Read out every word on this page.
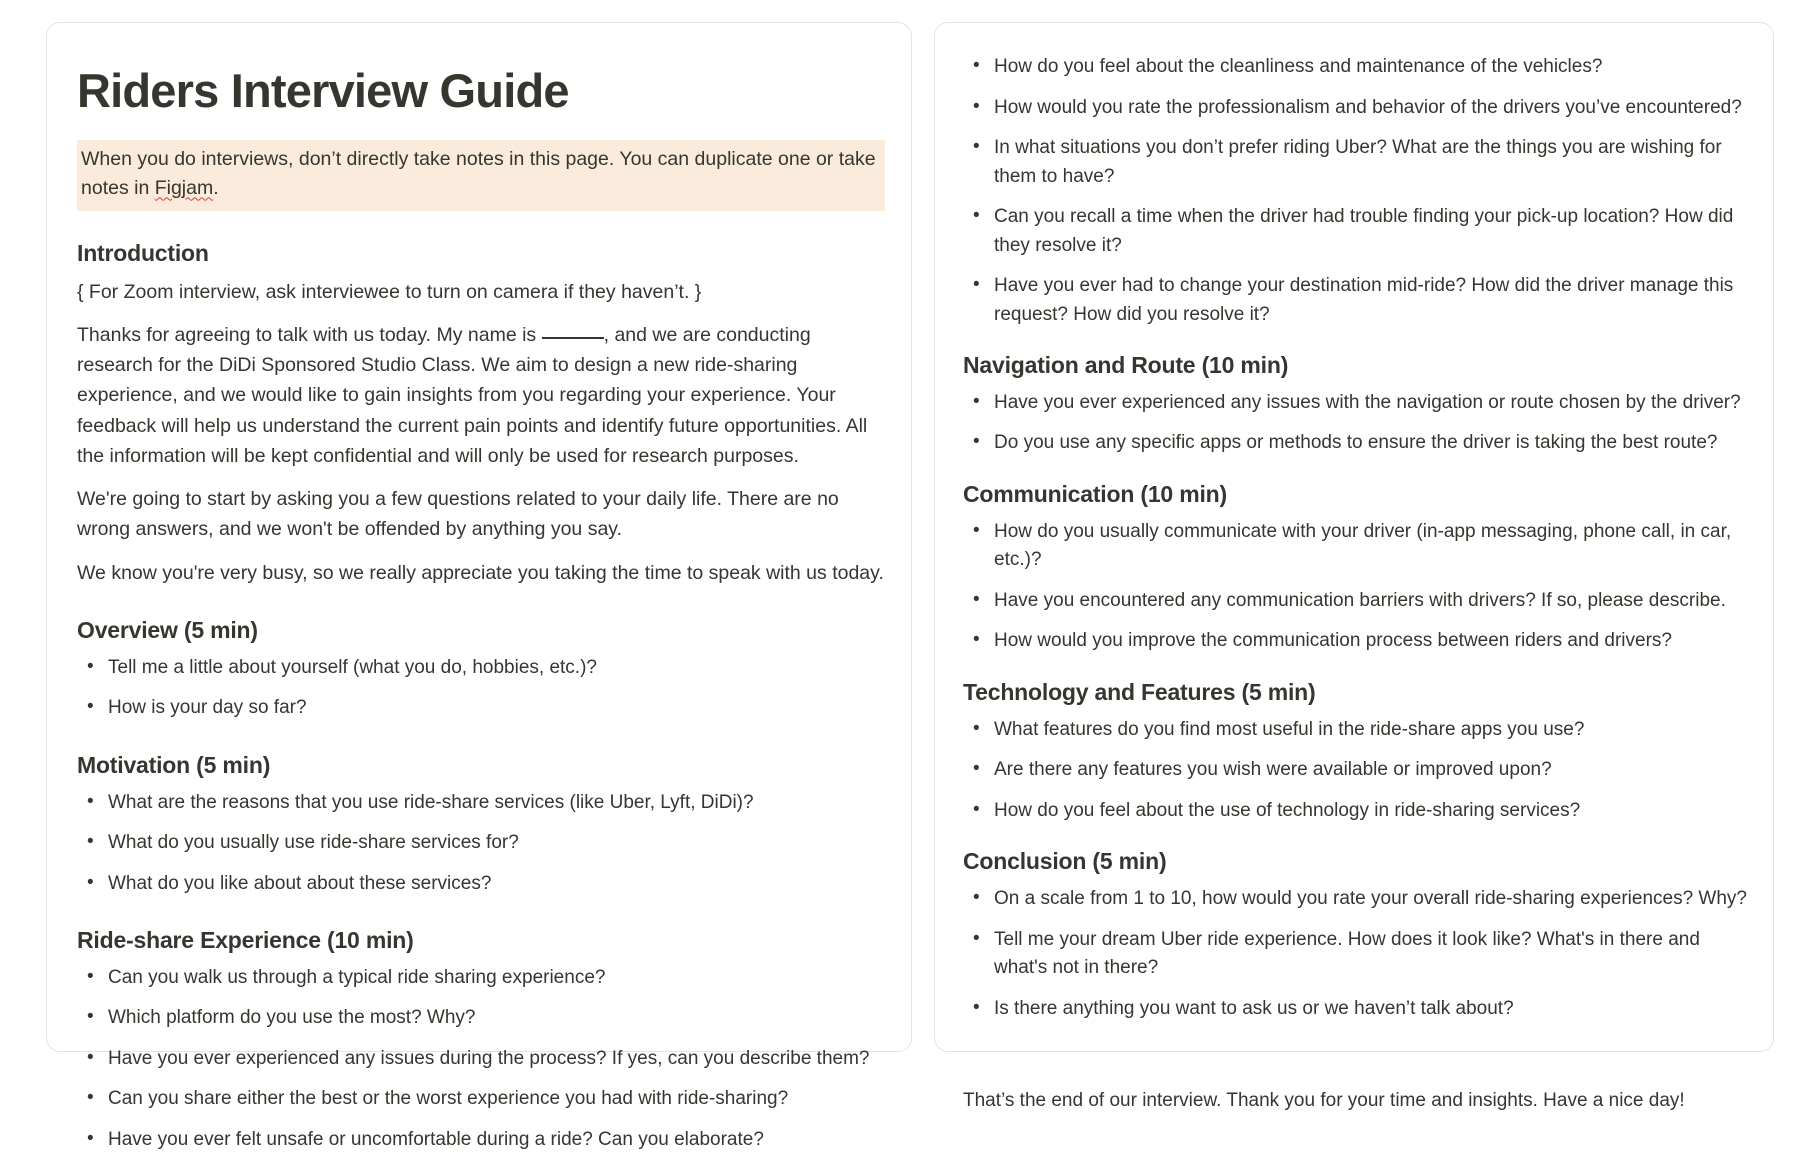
Riders Interview Guide
When you do interviews, don’t directly take notes in this page. You can duplicate one or take notes in Figjam.
Introduction

{ For Zoom interview, ask interviewee to turn on camera if they haven’t. }

Thanks for agreeing to talk with us today. My name is	, and we are conducting research for the DiDi Sponsored Studio Class. We aim to design a new ride-sharing experience, and we would like to gain insights from you regarding your experience. Your feedback will help us understand the current pain points and identify future opportunities. All the information will be kept confidential and will only be used for research purposes.

We're going to start by asking you a few questions related to your daily life. There are no wrong answers, and we won't be offended by anything you say.

We know you're very busy, so we really appreciate you taking the time to speak with us today.

Overview (5 min)
• Tell me a little about yourself (what you do, hobbies, etc.)?
• How is your day so far?
Motivation (5 min)
• What are the reasons that you use ride-share services (like Uber, Lyft, DiDi)?
• What do you usually use ride-share services for?
• What do you like about about these services?
Ride-share Experience (10 min)
• Can you walk us through a typical ride sharing experience?
• Which platform do you use the most? Why?
• Have you ever experienced any issues during the process? If yes, can you describe them?
• Can you share either the best or the worst experience you had with ride-sharing?
• Have you ever felt unsafe or uncomfortable during a ride? Can you elaborate?
• How do you feel about the cleanliness and maintenance of the vehicles?
• How would you rate the professionalism and behavior of the drivers you’ve encountered?
• In what situations you don’t prefer riding Uber? What are the things you are wishing for them to have?
• Can you recall a time when the driver had trouble finding your pick-up location? How did they resolve it?
• Have you ever had to change your destination mid-ride? How did the driver manage this request? How did you resolve it?
Navigation and Route (10 min)
• Have you ever experienced any issues with the navigation or route chosen by the driver?
• Do you use any specific apps or methods to ensure the driver is taking the best route?
Communication (10 min)
• How do you usually communicate with your driver (in-app messaging, phone call, in car, etc.)?
• Have you encountered any communication barriers with drivers? If so, please describe.
• How would you improve the communication process between riders and drivers?
Technology and Features (5 min)
• What features do you find most useful in the ride-share apps you use?
• Are there any features you wish were available or improved upon?
• How do you feel about the use of technology in ride-sharing services?
Conclusion (5 min)
• On a scale from 1 to 10, how would you rate your overall ride-sharing experiences? Why?
• Tell me your dream Uber ride experience. How does it look like? What's in there and what's not in there?
• Is there anything you want to ask us or we haven’t talk about?

That’s the end of our interview. Thank you for your time and insights. Have a nice day!
